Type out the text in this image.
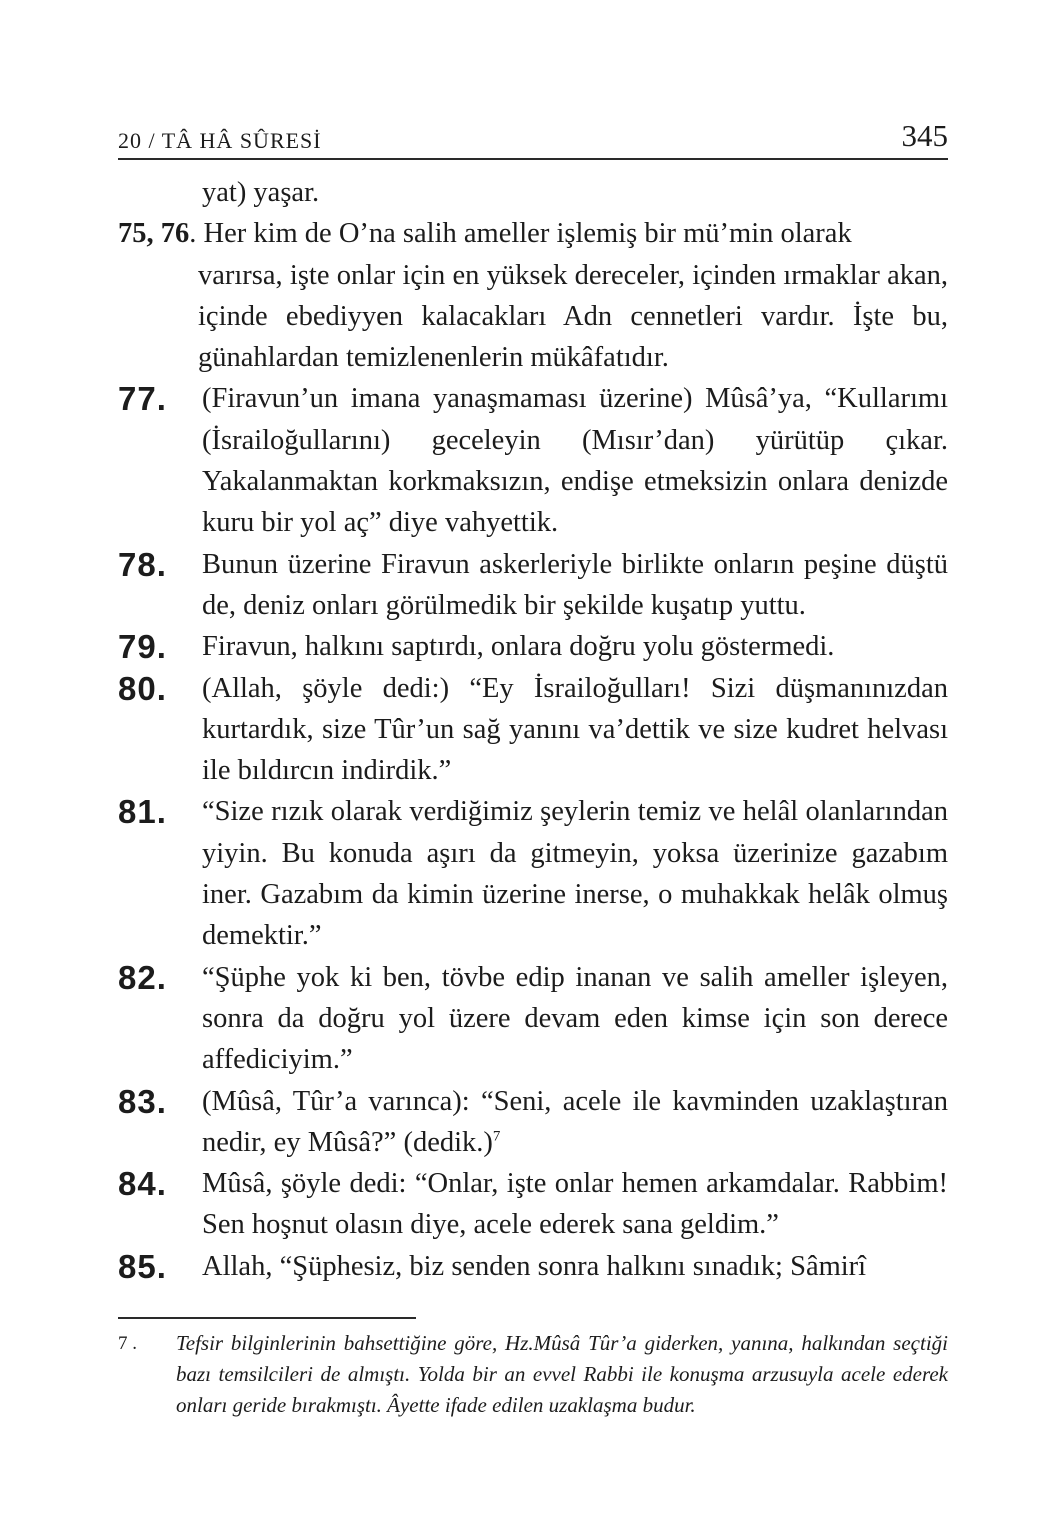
20 / TÂ HÂ SÛRESİ	345
yat) yaşar.
75, 76. Her kim de O’na salih ameller işlemiş bir mü’min olarak
varırsa, işte onlar için en yüksek dereceler, içinden ırmaklar akan, içinde ebediyyen kalacakları Adn cennetleri vardır. İşte bu, günahlardan temizlenenlerin mükâfatıdır.
77. (Firavun’un imana yanaşmaması üzerine) Mûsâ’ya, “Kullarımı (İsrailoğullarını) geceleyin (Mısır’dan) yürütüp çıkar. Yakalanmaktan korkmaksızın, endişe etmeksizin onlara denizde kuru bir yol aç” diye vahyettik.
78. Bunun üzerine Firavun askerleriyle birlikte onların peşine düştü de, deniz onları görülmedik bir şekilde kuşatıp yuttu.
79. Firavun, halkını saptırdı, onlara doğru yolu göstermedi.
80. (Allah, şöyle dedi:) “Ey İsrailoğulları! Sizi düşmanınızdan kurtardık, size Tûr’un sağ yanını va’dettik ve size kudret helvası ile bıldırcın indirdik.”
81. “Size rızık olarak verdiğimiz şeylerin temiz ve helâl olanlarından yiyin. Bu konuda aşırı da gitmeyin, yoksa üzerinize gazabım iner. Gazabım da kimin üzerine inerse, o muhakkak helâk olmuş demektir.”
82. “Şüphe yok ki ben, tövbe edip inanan ve salih ameller işleyen, sonra da doğru yol üzere devam eden kimse için son derece affediciyim.”
83. (Mûsâ, Tûr’a varınca): “Seni, acele ile kavminden uzaklaştıran nedir, ey Mûsâ?” (dedik.)$^7$
84. Mûsâ, şöyle dedi: “Onlar, işte onlar hemen arkamdalar. Rabbim! Sen hoşnut olasın diye, acele ederek sana geldim.”
85. Allah, “Şüphesiz, biz senden sonra halkını sınadık; Sâmirî
7 .	Tefsir bilginlerinin bahsettiğine göre, Hz.Mûsâ Tûr’a giderken, yanına, halkından seçtiği bazı temsilcileri de almıştı. Yolda bir an evvel Rabbi ile konuşma arzusuyla acele ederek onları geride bırakmıştı. Âyette ifade edilen uzaklaşma budur.
